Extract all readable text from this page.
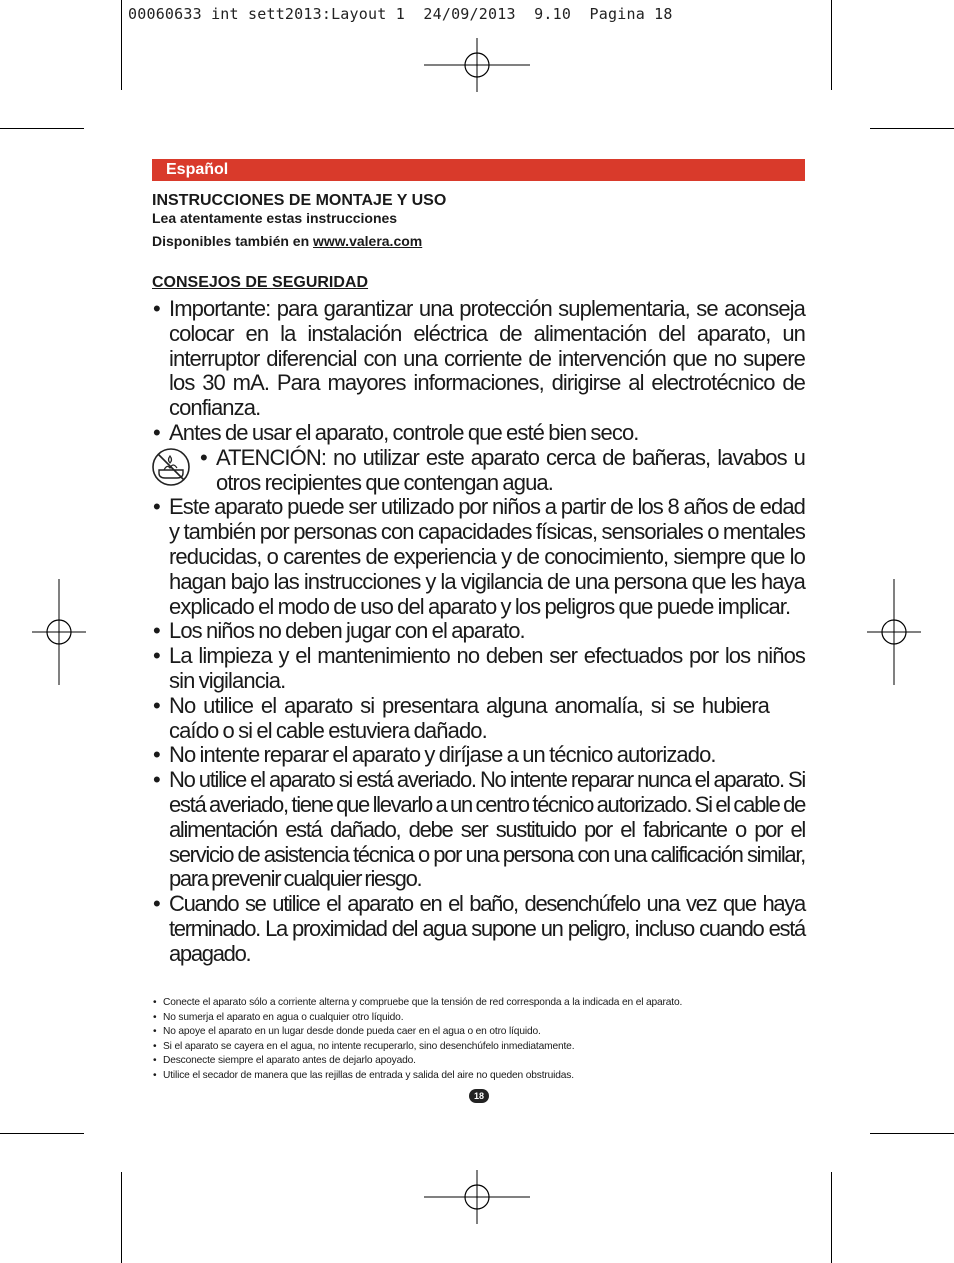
00060633 int sett2013:Layout 1  24/09/2013  9.10  Pagina 18
Español
INSTRUCCIONES DE MONTAJE Y USO
Lea atentamente estas instrucciones
Disponibles también en www.valera.com
CONSEJOS DE SEGURIDAD
• Importante: para garantizar una protección suplementaria, se aconseja colocar en la instalación eléctrica de alimentación del aparato, un interruptor diferencial con una corriente de intervención que no supere los 30 mA. Para mayores informaciones, dirigirse al electrotécnico de confianza.
• Antes de usar el aparato, controle que esté bien seco.
• ATENCIÓN: no utilizar este aparato cerca de bañeras, lavabos u otros recipientes que contengan agua.
• Este aparato puede ser utilizado por niños a partir de los 8 años de edad y también por personas con capacidades físicas, sensoriales o mentales reducidas, o carentes de experiencia y de conocimiento, siempre que lo hagan bajo las instrucciones y la vigilancia de una persona que les haya explicado el modo de uso del aparato y los peligros que puede implicar.
• Los niños no deben jugar con el aparato.
• La limpieza y el mantenimiento no deben ser efectuados por los niños sin vigilancia.
• No utilice el aparato si presentara alguna anomalía, si se hubiera caído o si el cable estuviera dañado.
• No intente reparar el aparato y diríjase a un técnico autorizado.
• No utilice el aparato si está averiado. No intente reparar nunca el aparato. Si está averiado, tiene que llevarlo a un centro técnico autorizado. Si el cable de alimentación está dañado, debe ser sustituido por el fabricante o por el servicio de asistencia técnica o por una persona con una calificación similar, para prevenir cualquier riesgo.
• Cuando se utilice el aparato en el baño, desenchúfelo una vez que haya terminado. La proximidad del agua supone un peligro, incluso cuando está apagado.
• Conecte el aparato sólo a corriente alterna y compruebe que la tensión de red corresponda a la indicada en el aparato.
• No sumerja el aparato en agua o cualquier otro líquido.
• No apoye el aparato en un lugar desde donde pueda caer en el agua o en otro líquido.
• Si el aparato se cayera en el agua, no intente recuperarlo, sino desenchúfelo inmediatamente.
• Desconecte siempre el aparato antes de dejarlo apoyado.
• Utilice el secador de manera que las rejillas de entrada y salida del aire no queden obstruidas.
18
